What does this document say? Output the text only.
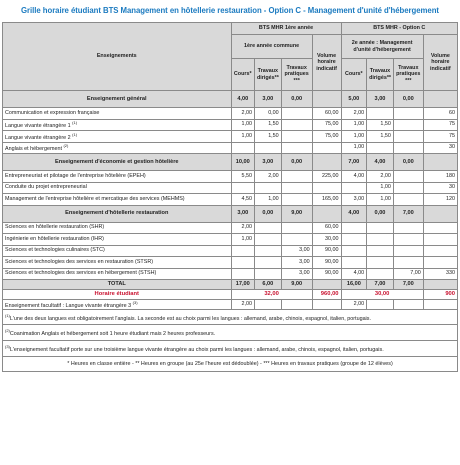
Grille horaire étudiant BTS Management en hôtellerie restauration - Option C - Management d'unité d'hébergement
Enseignements	BTS MHR 1ère année				BTS MHR - Option C			
	1ère année commune			Volume horaire indicatif	2e année : Management d'unité d'hébergement			Volume horaire indicatif
	Cours*	Travaux dirigés**	Travaux pratiques ***		Cours*	Travaux dirigés**	Travaux pratiques ***	
Enseignement général	4,00	3,00	0,00		5,00	3,00	0,00	
Communication et expression française	2,00	0,00		60,00	2,00			60
Langue vivante étrangère 1 $^{(1)}$	1,00	1,50		75,00	1,00	1,50		75
Langue vivante étrangère 2 $^{(1)}$	1,00	1,50		75,00	1,00	1,50		75
Anglais et hébergement $^{(2)}$					1,00			30
Enseignement d'économie et gestion hôtelière	10,00	3,00	0,00		7,00	4,00	0,00	
Entrepreneuriat et pilotage de l'entreprise hôtelière (EPEH)	5,50	2,00		225,00	4,00	2,00		180
Conduite du projet entrepreneurial						1,00		30
Management de l'entreprise hôtelière et mercatique des services (MEHMS)	4,50	1,00		165,00	3,00	1,00		120
Enseignement d'hôtellerie restauration	3,00	0,00	9,00		4,00	0,00	7,00	
Sciences en hôtellerie restauration (SHR)	2,00			60,00				
Ingénierie en hôtellerie restauration (IHR)	1,00			30,00				
Sciences et technologies culinaires (STC)			3,00	90,00				
Sciences et technologies des services en restauration (STSR)			3,00	90,00				
Sciences et technologies des services en hébergement (STSH)			3,00	90,00	4,00		7,00	330
TOTAL	17,00	6,00	9,00		16,00	7,00	7,00	
Horaire étudiant	32,00			960,00	30,00			900
Enseignement facultatif : Langue vivante étrangère 3 $^{(3)}$	2,00				2,00			
$^{(1)}$L'une des deux langues est obligatoirement l'anglais. La seconde est au choix parmi les langues : allemand, arabe, chinois, espagnol, italien, portugais.								
$^{(2)}$Coanimation Anglais et hébergement soit 1 heure étudiant mais 2 heures professeurs.								
$^{(3)}$L'enseignement facultatif porte sur une troisième langue vivante étrangère au choix parmi les langues : allemand, arabe, chinois, espagnol, italien, portugais.								
* Heures en classe entière - ** Heures en groupe (au 25e l'heure est dédoublée) - *** Heures en travaux pratiques (groupe de 12 élèves)								
